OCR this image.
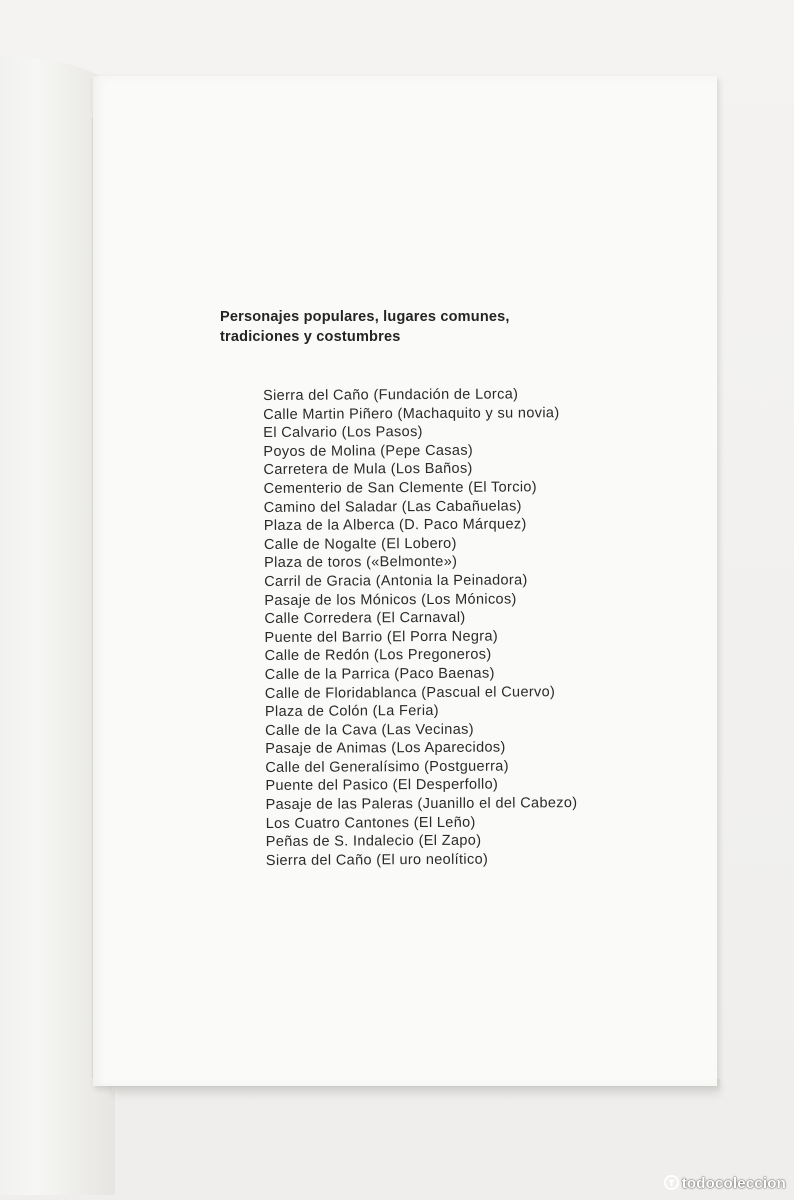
Personajes populares, lugares comunes,
tradiciones y costumbres
Sierra del Caño (Fundación de Lorca)
Calle Martin Piñero (Machaquito y su novia)
El Calvario (Los Pasos)
Poyos de Molina (Pepe Casas)
Carretera de Mula (Los Baños)
Cementerio de San Clemente (El Torcio)
Camino del Saladar (Las Cabañuelas)
Plaza de la Alberca (D. Paco Márquez)
Calle de Nogalte (El Lobero)
Plaza de toros («Belmonte»)
Carril de Gracia (Antonia la Peinadora)
Pasaje de los Mónicos (Los Mónicos)
Calle Corredera (El Carnaval)
Puente del Barrio (El Porra Negra)
Calle de Redón (Los Pregoneros)
Calle de la Parrica (Paco Baenas)
Calle de Floridablanca (Pascual el Cuervo)
Plaza de Colón (La Feria)
Calle de la Cava (Las Vecinas)
Pasaje de Animas (Los Aparecidos)
Calle del Generalísimo (Postguerra)
Puente del Pasico (El Desperfollo)
Pasaje de las Paleras (Juanillo el del Cabezo)
Los Cuatro Cantones (El Leño)
Peñas de S. Indalecio (El Zapo)
Sierra del Caño (El uro neolítico)
todocoleccion
